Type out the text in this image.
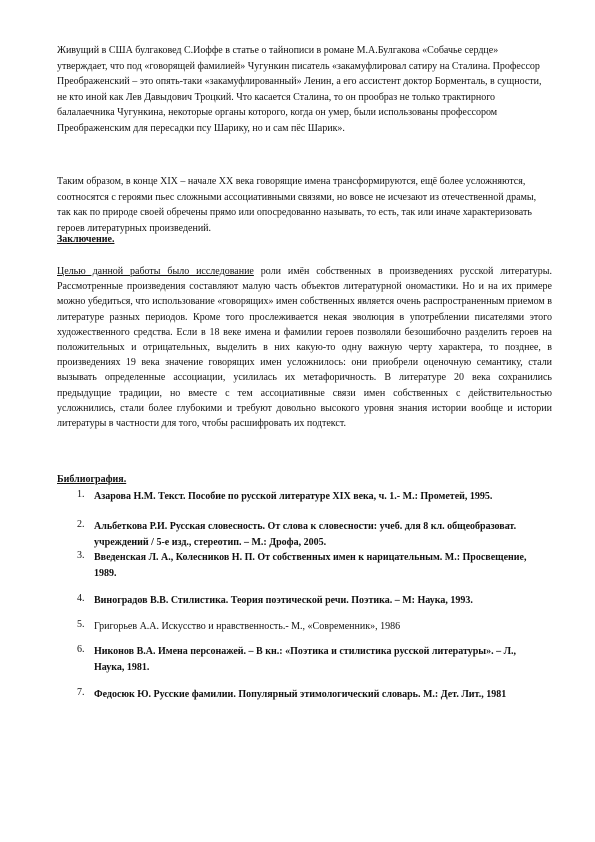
Живущий в США булгаковед С.Иоффе в статье о тайнописи в романе М.А.Булгакова «Собачье сердце» утверждает, что под «говорящей фамилией» Чугункин писатель «закамуфлировал сатиру на Сталина. Профессор Преображенский – это опять-таки «закамуфлированный» Ленин, а его ассистент доктор Борменталь, в сущности, не кто иной как Лев Давыдович Троцкий. Что касается Сталина, то он прообраз не только трактирного балалаечника Чугункина, некоторые органы которого, когда он умер, были использованы профессором Преображенским для пересадки псу Шарику, но и сам пёс Шарик».

Таким образом, в конце XIX – начале XX века говорящие имена трансформируются, ещё более усложняются, соотносятся с героями пьес сложными ассоциативными связями, но вовсе не исчезают из отечественной драмы, так как по природе своей обречены прямо или опосредованно называть, то есть, так или иначе характеризовать героев литературных произведений.

Заключение.

Целью данной работы было исследование роли имён собственных в произведениях русской литературы. Рассмотренные произведения составляют малую часть объектов литературной ономастики. Но и на их примере можно убедиться, что использование «говорящих» имен собственных является очень распространенным приемом в литературе разных периодов. Кроме того прослеживается некая эволюция в употреблении писателями этого художественного средства. Если в 18 веке имена и фамилии героев позволяли безошибочно разделить героев на положительных и отрицательных, выделить в них какую-то одну важную черту характера, то позднее, в произведениях 19 века значение говорящих имен усложнилось: они приобрели оценочную семантику, стали вызывать определенные ассоциации, усилилась их метафоричность. В литературе 20 века сохранились предыдущие традиции, но вместе с тем ассоциативные связи имен собственных с действительностью усложнились, стали более глубокими и требуют довольно высокого уровня знания истории вообще и истории литературы в частности для того, чтобы расшифровать их подтекст.

Библиография.
1. Азарова Н.М. Текст. Пособие по русской литературе XIX века, ч. 1.- М.: Прометей, 1995.
2. Альбеткова Р.И. Русская словесность. От слова к словесности: учеб. для 8 кл. общеобразоват. учреждений / 5-е изд., стереотип. – М.: Дрофа, 2005.
3. Введенская Л. А., Колесников Н. П. От собственных имен к нарицательным. М.: Просвещение, 1989.
4. Виноградов В.В. Стилистика. Теория поэтической речи. Поэтика. – М: Наука, 1993.
5. Григорьев А.А. Искусство и нравственность.- М., «Современник», 1986
6. Никонов В.А. Имена персонажей. – В кн.: «Поэтика и стилистика русской литературы». – Л., Наука, 1981.
7. Федосюк Ю. Русские фамилии. Популярный этимологический словарь. М.: Дет. Лит., 1981
